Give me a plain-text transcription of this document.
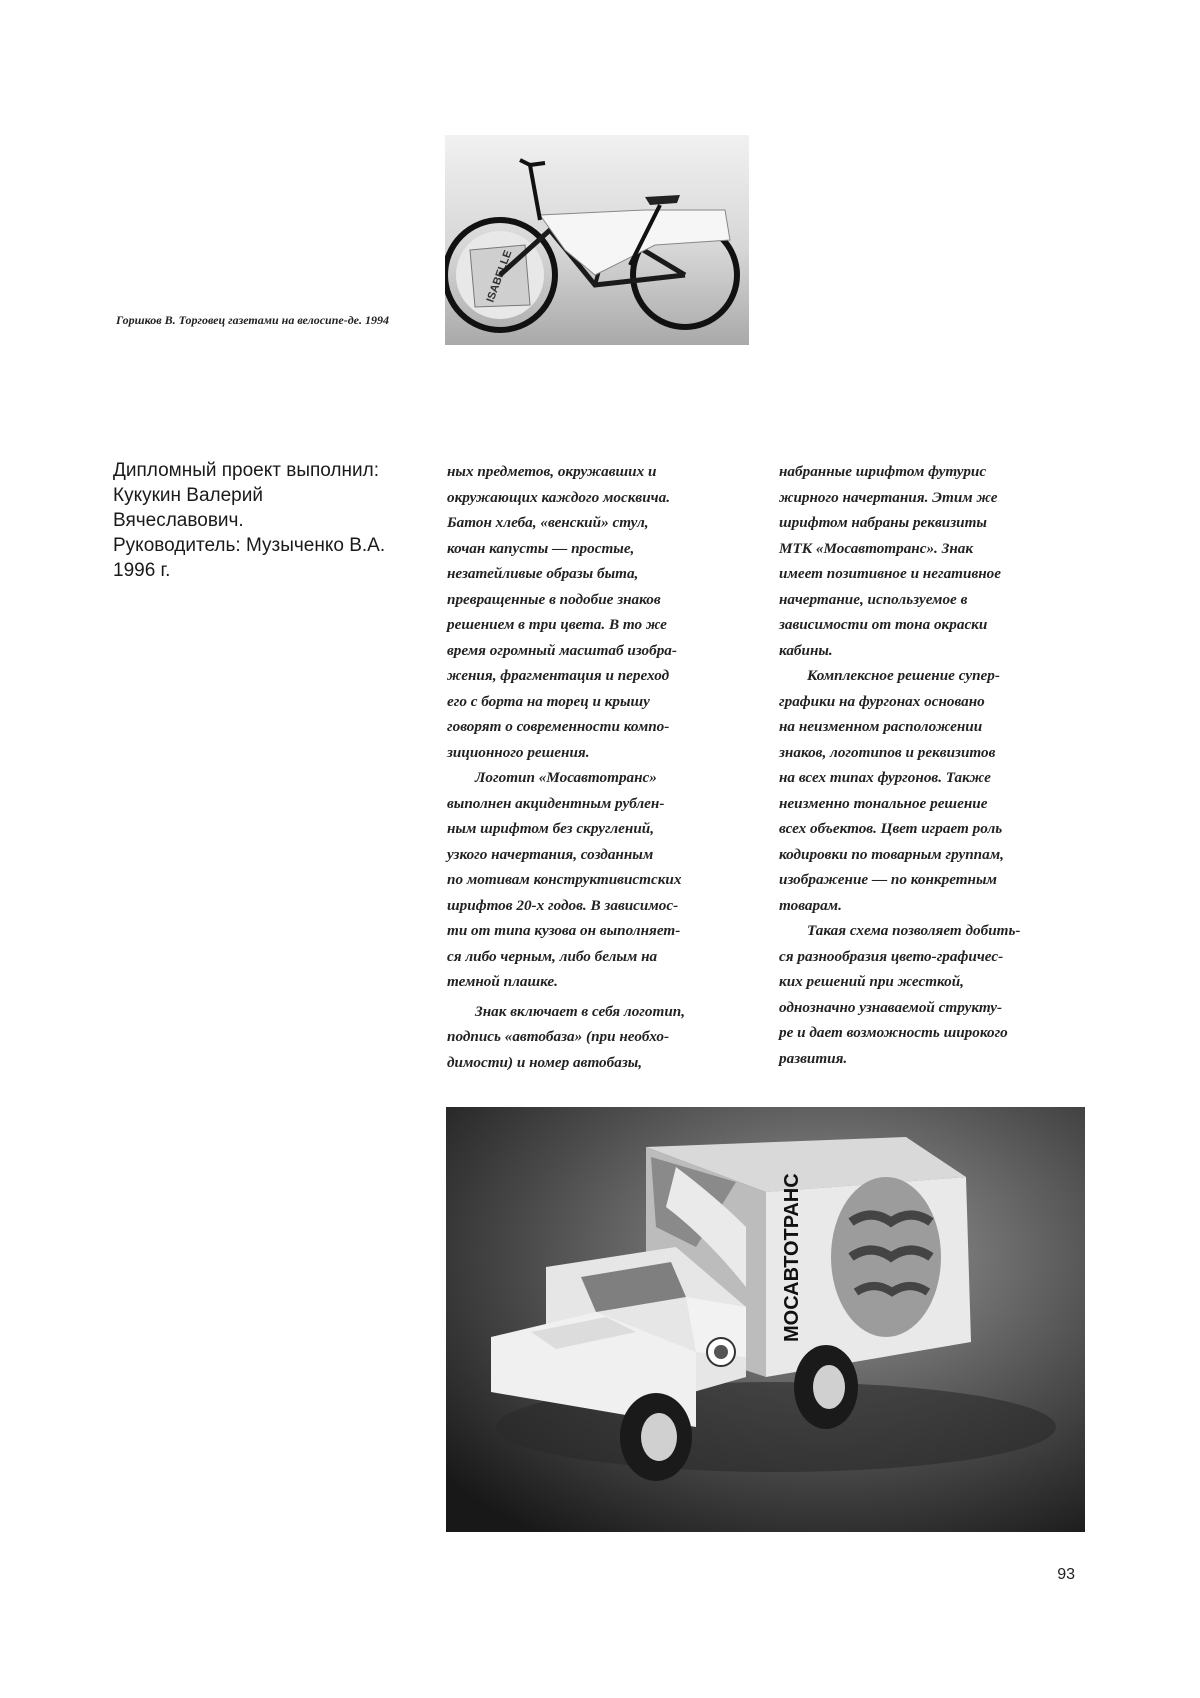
ISABELLE
Горшков В. Торговец газетами на велосипе-де. 1994
Дипломный проект выполнил:
Кукукин Валерий
Вячеславович.
Руководитель: Музыченко В.А.
1996 г.

ных предметов, окружавших и
окружающих каждого москвича.
Батон хлеба, «венский» стул,
кочан капусты — простые,
незатейливые образы быта,
превращенные в подобие знаков
решением в три цвета. В то же
время огромный масштаб изобра-
жения, фрагментация и переход
его с борта на торец и крышу
говорят о современности компо-
зиционного решения.

Логотип «Мосавтотранс»
выполнен акцидентным рублен-
ным шрифтом без скруглений,
узкого начертания, созданным
по мотивам конструктивистских
шрифтов 20-х годов. В зависимос-
ти от типа кузова он выполняет-
ся либо черным, либо белым на
темной плашке.

Знак включает в себя логотип,
подпись «автобаза» (при необхо-
димости) и номер автобазы,

набранные шрифтом футурис
жирного начертания. Этим же
шрифтом набраны реквизиты
МТК «Мосавтотранс». Знак
имеет позитивное и негативное
начертание, используемое в
зависимости от тона окраски
кабины.

Комплексное решение супер-
графики на фургонах основано
на неизменном расположении
знаков, логотипов и реквизитов
на всех типах фургонов. Также
неизменно тональное решение
всех объектов. Цвет играет роль
кодировки по товарным группам,
изображение — по конкретным
товарам.

Такая схема позволяет добить-
ся разнообразия цвето-графичес-
ких решений при жесткой,
однозначно узнаваемой структу-
ре и дает возможность широкого
развития.

МОСАВТОТРАНС
93
